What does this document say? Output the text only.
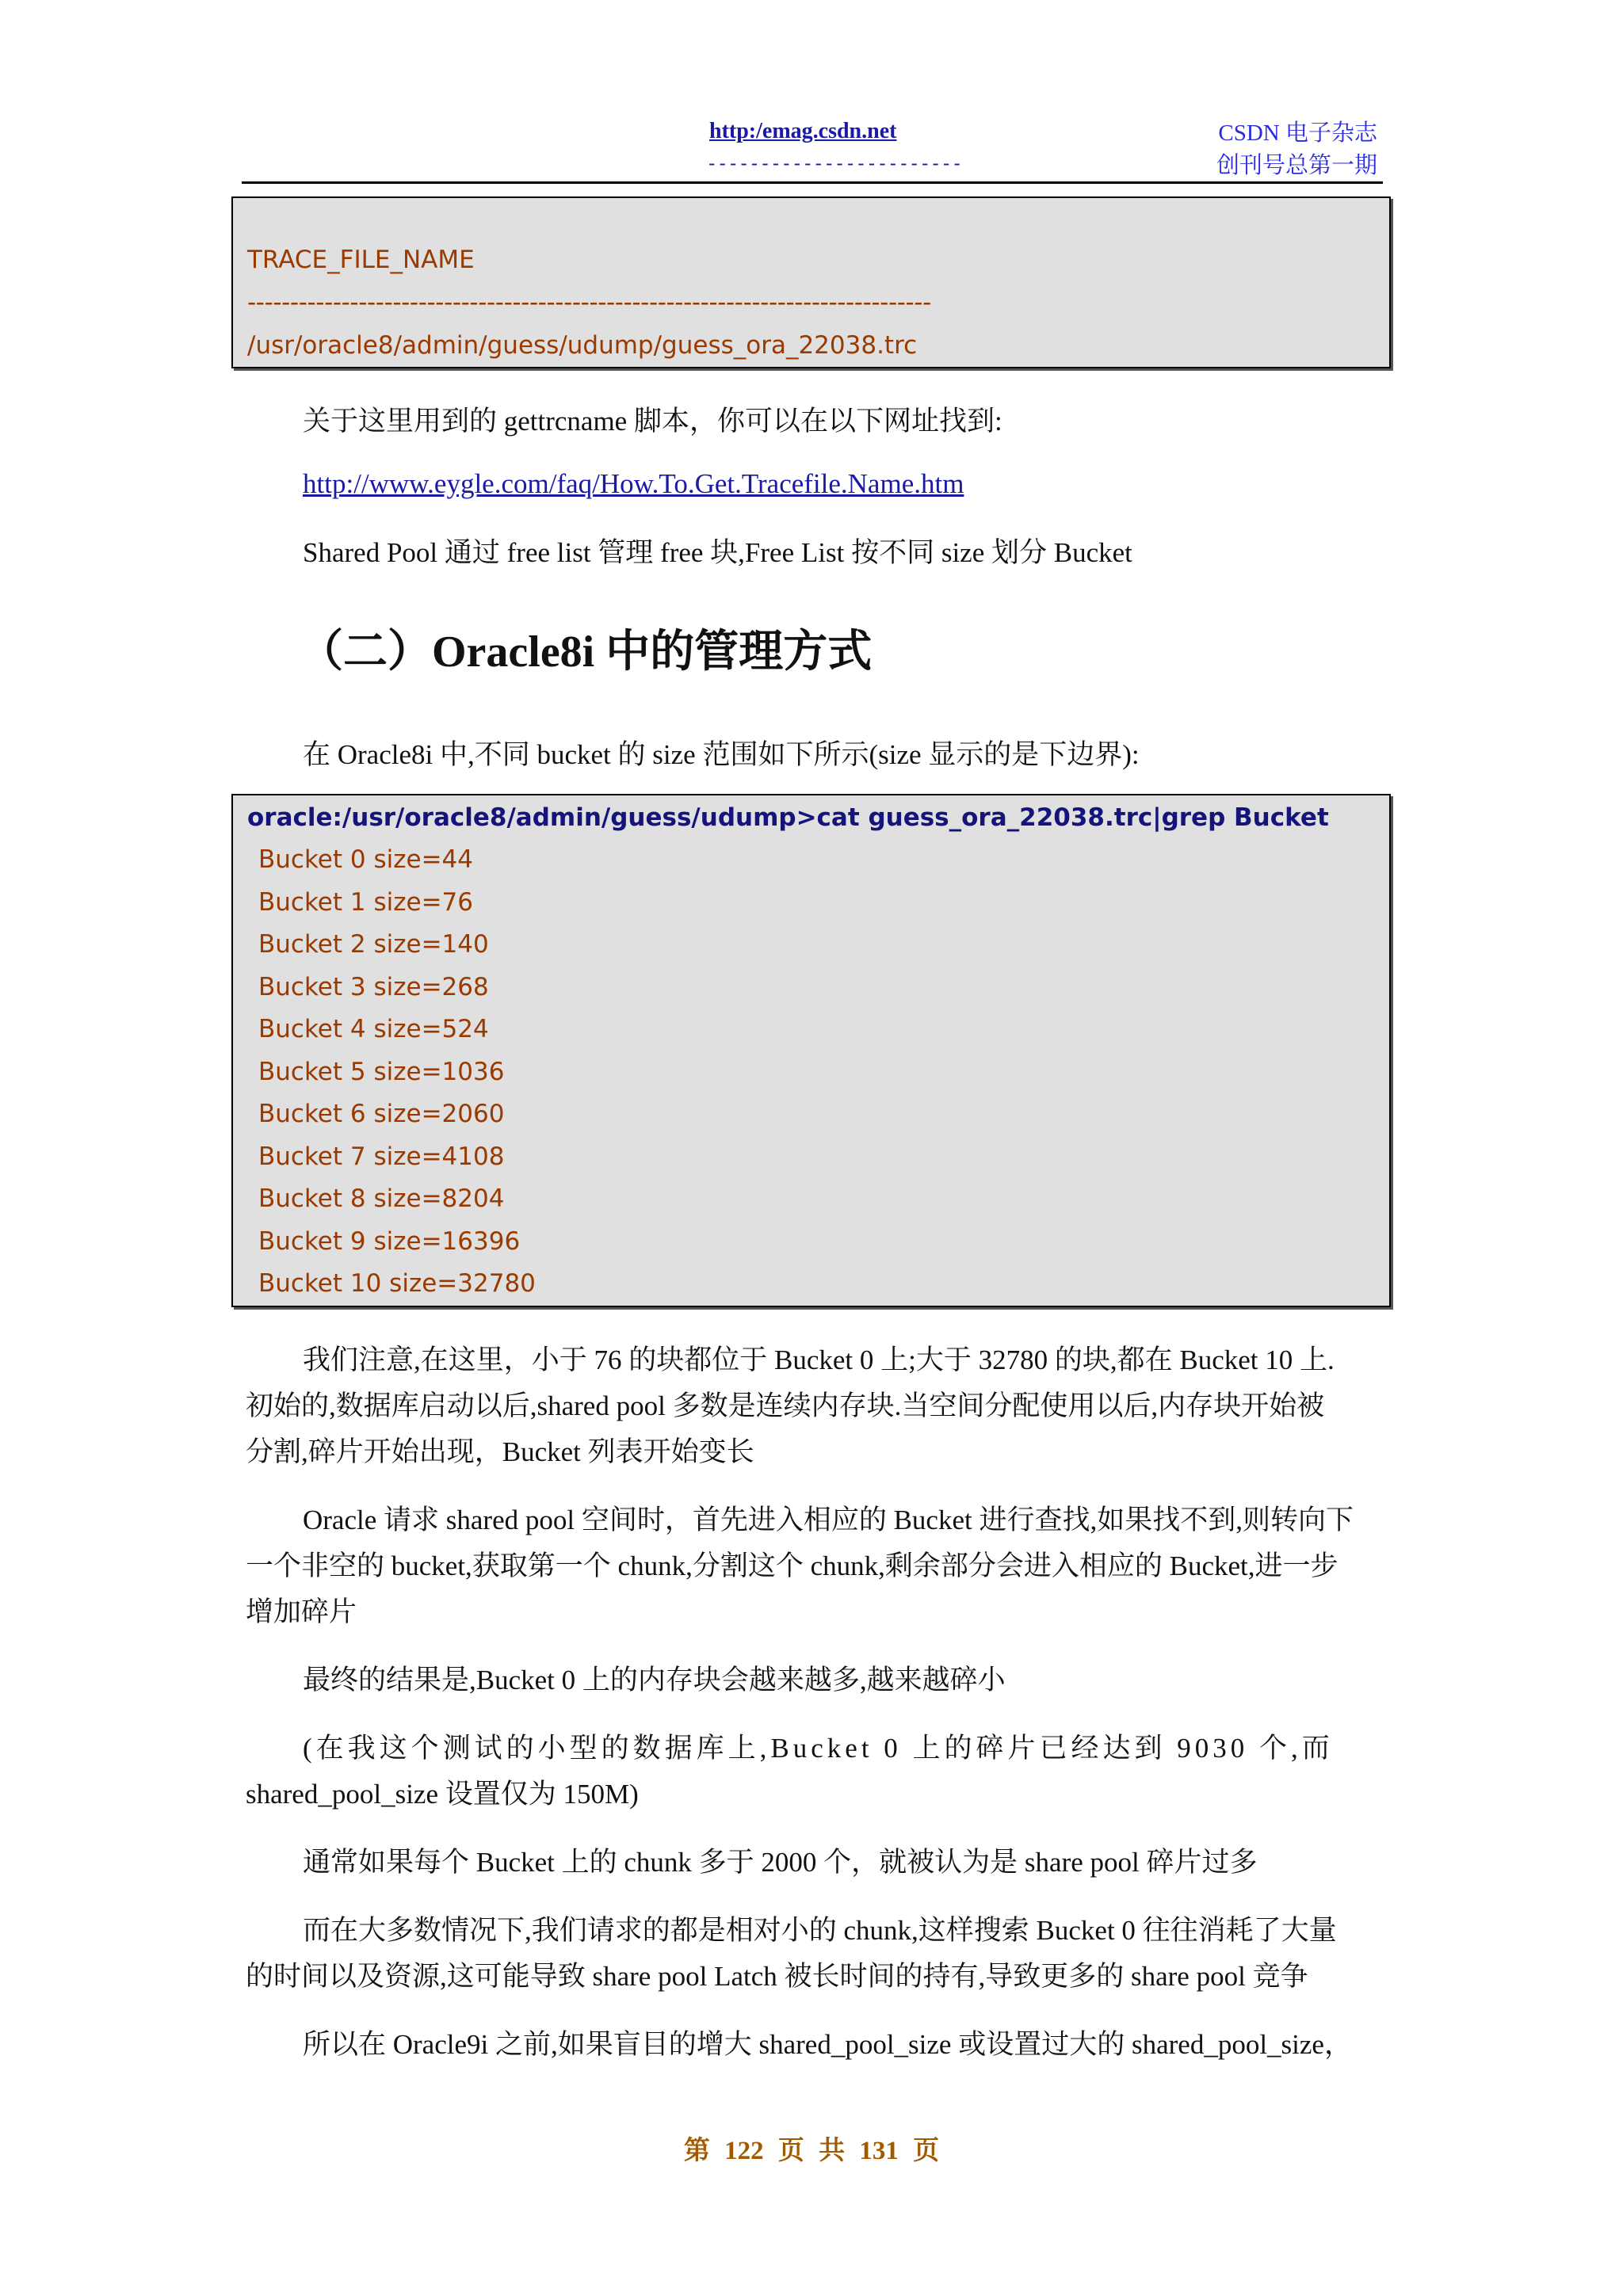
http:/emag.csdn.net
------------------------
CSDN 电子杂志
创刊号总第一期
TRACE_FILE_NAME
--------------------------------------------------------------------------------
/usr/oracle8/admin/guess/udump/guess_ora_22038.trc
关于这里用到的 gettrcname 脚本，你可以在以下网址找到:
http://www.eygle.com/faq/How.To.Get.Tracefile.Name.htm
Shared Pool 通过 free list 管理 free 块,Free List 按不同 size 划分 Bucket
（二）Oracle8i 中的管理方式
在 Oracle8i 中,不同 bucket 的 size 范围如下所示(size 显示的是下边界):
oracle:/usr/oracle8/admin/guess/udump>cat guess_ora_22038.trc|grep Bucket
Bucket 0 size=44
Bucket 1 size=76
Bucket 2 size=140
Bucket 3 size=268
Bucket 4 size=524
Bucket 5 size=1036
Bucket 6 size=2060
Bucket 7 size=4108
Bucket 8 size=8204
Bucket 9 size=16396
Bucket 10 size=32780
我们注意,在这里，小于 76 的块都位于 Bucket 0 上;大于 32780 的块,都在 Bucket 10 上.
初始的,数据库启动以后,shared pool 多数是连续内存块.当空间分配使用以后,内存块开始被
分割,碎片开始出现，Bucket 列表开始变长
Oracle 请求 shared pool 空间时，首先进入相应的 Bucket 进行查找,如果找不到,则转向下
一个非空的 bucket,获取第一个 chunk,分割这个 chunk,剩余部分会进入相应的 Bucket,进一步
增加碎片
最终的结果是,Bucket 0 上的内存块会越来越多,越来越碎小
(在我这个测试的小型的数据库上,Bucket 0 上的碎片已经达到 9030 个,而
shared_pool_size 设置仅为 150M)
通常如果每个 Bucket 上的 chunk 多于 2000 个，就被认为是 share pool 碎片过多
而在大多数情况下,我们请求的都是相对小的 chunk,这样搜索 Bucket 0 往往消耗了大量
的时间以及资源,这可能导致 share pool Latch 被长时间的持有,导致更多的 share pool 竞争
所以在 Oracle9i 之前,如果盲目的增大 shared_pool_size 或设置过大的 shared_pool_size，
第 122 页 共 131 页
